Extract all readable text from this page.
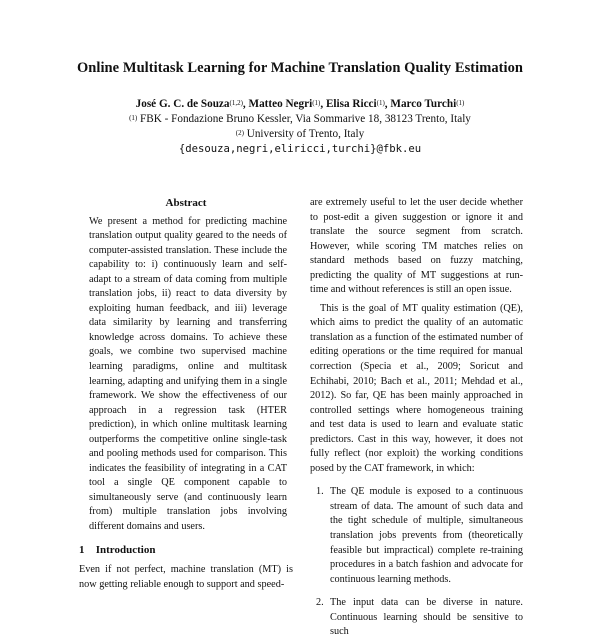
Online Multitask Learning for Machine Translation Quality Estimation
José G. C. de Souza$^{(1,2)}$, Matteo Negri$^{(1)}$, Elisa Ricci$^{(1)}$, Marco Turchi$^{(1)}$
$^{(1)}$ FBK - Fondazione Bruno Kessler, Via Sommarive 18, 38123 Trento, Italy
$^{(2)}$ University of Trento, Italy
{desouza,negri,eliricci,turchi}@fbk.eu
Abstract

We present a method for predicting machine translation output quality geared to the needs of computer-assisted translation. These include the capability to: i) continuously learn and self-adapt to a stream of data coming from multiple translation jobs, ii) react to data diversity by exploiting human feedback, and iii) leverage data similarity by learning and transferring knowledge across domains. To achieve these goals, we combine two supervised machine learning paradigms, online and multitask learning, adapting and unifying them in a single framework. We show the effectiveness of our approach in a regression task (HTER prediction), in which online multitask learning outperforms the competitive online single-task and pooling methods used for comparison. This indicates the feasibility of integrating in a CAT tool a single QE component capable to simultaneously serve (and continuously learn from) multiple translation jobs involving different domains and users.

1 Introduction

Even if not perfect, machine translation (MT) is now getting reliable enough to support and speed-

are extremely useful to let the user decide whether to post-edit a given suggestion or ignore it and translate the source segment from scratch. However, while scoring TM matches relies on standard methods based on fuzzy matching, predicting the quality of MT suggestions at run-time and without references is still an open issue.

This is the goal of MT quality estimation (QE), which aims to predict the quality of an automatic translation as a function of the estimated number of editing operations or the time required for manual correction (Specia et al., 2009; Soricut and Echihabi, 2010; Bach et al., 2011; Mehdad et al., 2012). So far, QE has been mainly approached in controlled settings where homogeneous training and test data is used to learn and evaluate static predictors. Cast in this way, however, it does not fully reflect (nor exploit) the working conditions posed by the CAT framework, in which:

1. The QE module is exposed to a continuous stream of data. The amount of such data and the tight schedule of multiple, simultaneous translation jobs prevents from (theoretically feasible but impractical) complete re-training procedures in a batch fashion and advocate for continuous learning methods.
2. The input data can be diverse in nature. Continuous learning should be sensitive to such
